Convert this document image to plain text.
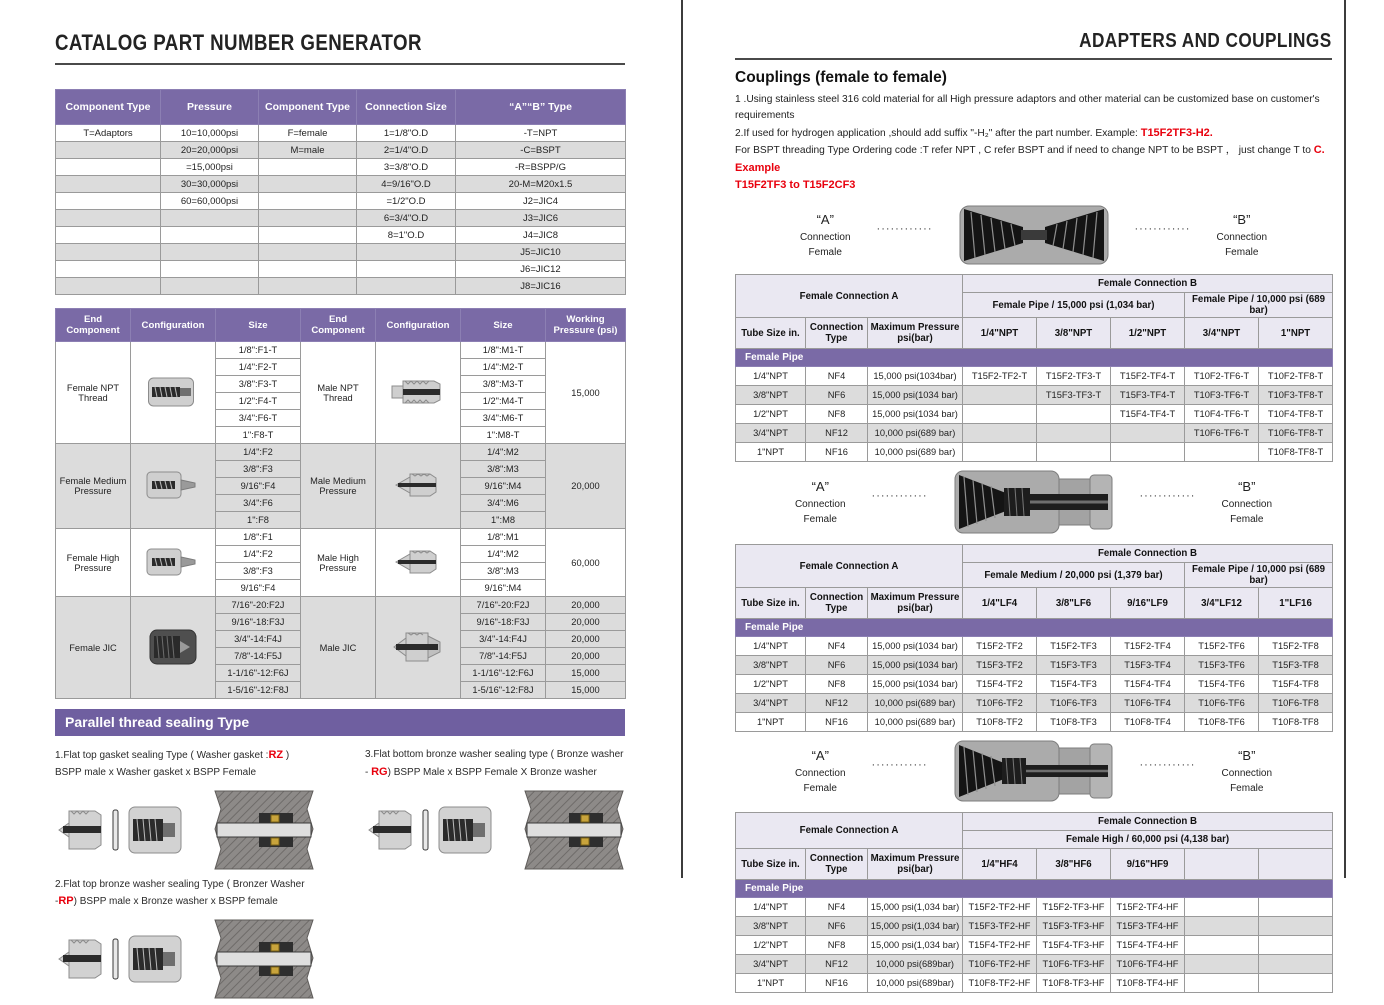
CATALOG PART NUMBER GENERATOR
Component Type	Pressure	Component Type	Connection Size	“A”“B” Type
T=Adaptors	10=10,000psi	F=female	1=1/8"O.D	-T=NPT
	20=20,000psi	M=male	2=1/4"O.D	-C=BSPT
	=15,000psi		3=3/8"O.D	-R=BSPP/G
	30=30,000psi		4=9/16"O.D	20-M=M20x1.5
	60=60,000psi		=1/2"O.D	J2=JIC4
			6=3/4"O.D	J3=JIC6
			8=1"O.D	J4=JIC8
				J5=JIC10
				J6=JIC12
				J8=JIC16
End Component	Configuration	Size	End Component	Configuration	Size	Working Pressure (psi)
Female NPT Thread		1/8":F1-T	Male NPT Thread		1/8":M1-T	15,000
		1/4":F2-T			1/4":M2-T	
		3/8":F3-T			3/8":M3-T	
		1/2":F4-T			1/2":M4-T	
		3/4":F6-T			3/4":M6-T	
		1":F8-T			1":M8-T	
Female Medium Pressure		1/4":F2	Male Medium Pressure		1/4":M2	20,000
		3/8":F3			3/8":M3	
		9/16":F4			9/16":M4	
		3/4":F6			3/4":M6	
		1":F8			1":M8	
Female High Pressure		1/8":F1	Male High Pressure		1/8":M1	60,000
		1/4":F2			1/4":M2	
		3/8":F3			3/8":M3	
		9/16":F4			9/16":M4	
Female JIC		7/16"-20:F2J	Male JIC		7/16"-20:F2J	20,000
		9/16"-18:F3J			9/16"-18:F3J	20,000
		3/4"-14:F4J			3/4"-14:F4J	20,000
		7/8"-14:F5J			7/8"-14:F5J	20,000
		1-1/16"-12:F6J			1-1/16"-12:F6J	15,000
		1-5/16"-12:F8J			1-5/16"-12:F8J	15,000
Parallel thread sealing Type

1.Flat top gasket sealing Type ( Washer gasket :RZ )

BSPP male x Washer gasket x BSPP Female

3.Flat bottom bronze washer sealing type ( Bronze washer

- RG) BSPP Male x BSPP Female X Bronze washer

2.Flat top bronze washer sealing Type ( Bronzer Washer

-RP) BSPP male x Bronze washer x BSPP female

ADAPTERS AND COUPLINGS
Couplings (female to female)

1 .Using stainless steel 316 cold material for all High pressure adaptors and other material can be customized base on customer's requirements

2.If used for hydrogen application ,should add suffix "-H₂" after the part number. Example: T15F2TF3-H2.

For BSPT threading Type Ordering code :T refer NPT , C refer BSPT and if need to change NPT to be BSPT ， just change T to C. Example

T15F2TF3 to T15F2CF3

“A”
Connection
Female
············	············
“B”
Connection
Female
Female Connection A			Female Connection B				
			Female Pipe / 15,000 psi (1,034 bar)			Female Pipe / 10,000 psi (689 bar)	
Tube Size in.	Connection Type	Maximum Pressure psi(bar)	1/4"NPT	3/8"NPT	1/2"NPT	3/4"NPT	1"NPT
Female Pipe							
1/4"NPT	NF4	15,000 psi(1034bar)	T15F2-TF2-T	T15F2-TF3-T	T15F2-TF4-T	T10F2-TF6-T	T10F2-TF8-T
3/8"NPT	NF6	15,000 psi(1034 bar)		T15F3-TF3-T	T15F3-TF4-T	T10F3-TF6-T	T10F3-TF8-T
1/2"NPT	NF8	15,000 psi(1034 bar)			T15F4-TF4-T	T10F4-TF6-T	T10F4-TF8-T
3/4"NPT	NF12	10,000 psi(689 bar)				T10F6-TF6-T	T10F6-TF8-T
1"NPT	NF16	10,000 psi(689 bar)					T10F8-TF8-T
“A”
Connection
Female
············	············
“B”
Connection
Female
Female Connection A			Female Connection B				
			Female Medium / 20,000 psi (1,379 bar)			Female Pipe / 10,000 psi (689 bar)	
Tube Size in.	Connection Type	Maximum Pressure psi(bar)	1/4"LF4	3/8"LF6	9/16"LF9	3/4"LF12	1"LF16
Female Pipe							
1/4"NPT	NF4	15,000 psi(1034 bar)	T15F2-TF2	T15F2-TF3	T15F2-TF4	T15F2-TF6	T15F2-TF8
3/8"NPT	NF6	15,000 psi(1034 bar)	T15F3-TF2	T15F3-TF3	T15F3-TF4	T15F3-TF6	T15F3-TF8
1/2"NPT	NF8	15,000 psi(1034 bar)	T15F4-TF2	T15F4-TF3	T15F4-TF4	T15F4-TF6	T15F4-TF8
3/4"NPT	NF12	10,000 psi(689 bar)	T10F6-TF2	T10F6-TF3	T10F6-TF4	T10F6-TF6	T10F6-TF8
1"NPT	NF16	10,000 psi(689 bar)	T10F8-TF2	T10F8-TF3	T10F8-TF4	T10F8-TF6	T10F8-TF8
“A”
Connection
Female
············	············
“B”
Connection
Female
Female Connection A			Female Connection B				
			Female High / 60,000 psi (4,138 bar)				
Tube Size in.	Connection Type	Maximum Pressure psi(bar)	1/4"HF4	3/8"HF6	9/16"HF9		
Female Pipe							
1/4"NPT	NF4	15,000 psi(1,034 bar)	T15F2-TF2-HF	T15F2-TF3-HF	T15F2-TF4-HF		
3/8"NPT	NF6	15,000 psi(1,034 bar)	T15F3-TF2-HF	T15F3-TF3-HF	T15F3-TF4-HF		
1/2"NPT	NF8	15,000 psi(1,034 bar)	T15F4-TF2-HF	T15F4-TF3-HF	T15F4-TF4-HF		
3/4"NPT	NF12	10,000 psi(689bar)	T10F6-TF2-HF	T10F6-TF3-HF	T10F6-TF4-HF		
1"NPT	NF16	10,000 psi(689bar)	T10F8-TF2-HF	T10F8-TF3-HF	T10F8-TF4-HF		
